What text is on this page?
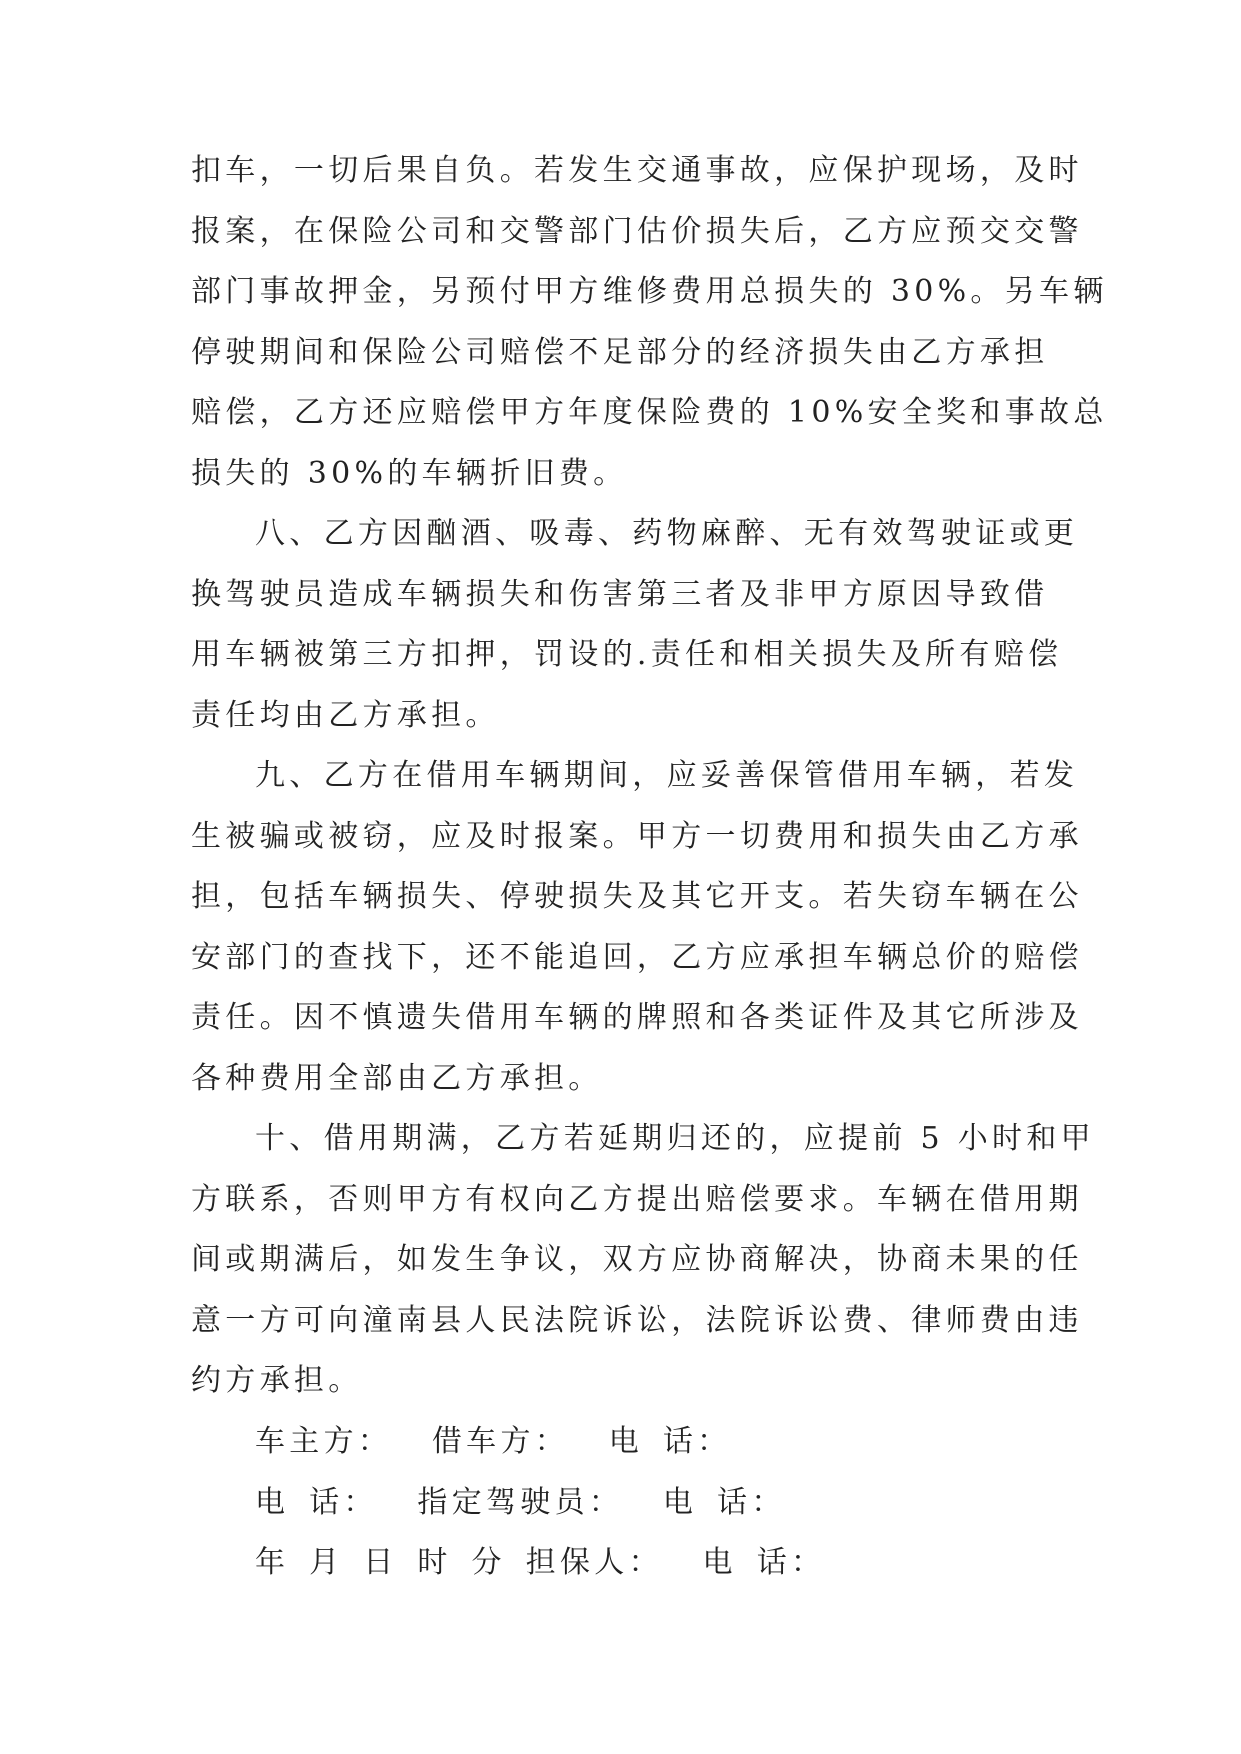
扣车，一切后果自负。若发生交通事故，应保护现场，及时
报案，在保险公司和交警部门估价损失后，乙方应预交交警
部门事故押金，另预付甲方维修费用总损失的 30%。另车辆
停驶期间和保险公司赔偿不足部分的经济损失由乙方承担
赔偿，乙方还应赔偿甲方年度保险费的 10%安全奖和事故总
损失的 30%的车辆折旧费。
八、乙方因酗酒、吸毒、药物麻醉、无有效驾驶证或更
换驾驶员造成车辆损失和伤害第三者及非甲方原因导致借
用车辆被第三方扣押，罚设的.责任和相关损失及所有赔偿
责任均由乙方承担。
九、乙方在借用车辆期间，应妥善保管借用车辆，若发
生被骗或被窃，应及时报案。甲方一切费用和损失由乙方承
担，包括车辆损失、停驶损失及其它开支。若失窃车辆在公
安部门的查找下，还不能追回，乙方应承担车辆总价的赔偿
责任。因不慎遗失借用车辆的牌照和各类证件及其它所涉及
各种费用全部由乙方承担。
十、借用期满，乙方若延期归还的，应提前 5 小时和甲
方联系，否则甲方有权向乙方提出赔偿要求。车辆在借用期
间或期满后，如发生争议，双方应协商解决，协商未果的任
意一方可向潼南县人民法院诉讼，法院诉讼费、律师费由违
约方承担。
车主方：  借车方：  电 话：
电 话：  指定驾驶员：  电 话：
年 月 日 时 分 担保人：  电 话：
